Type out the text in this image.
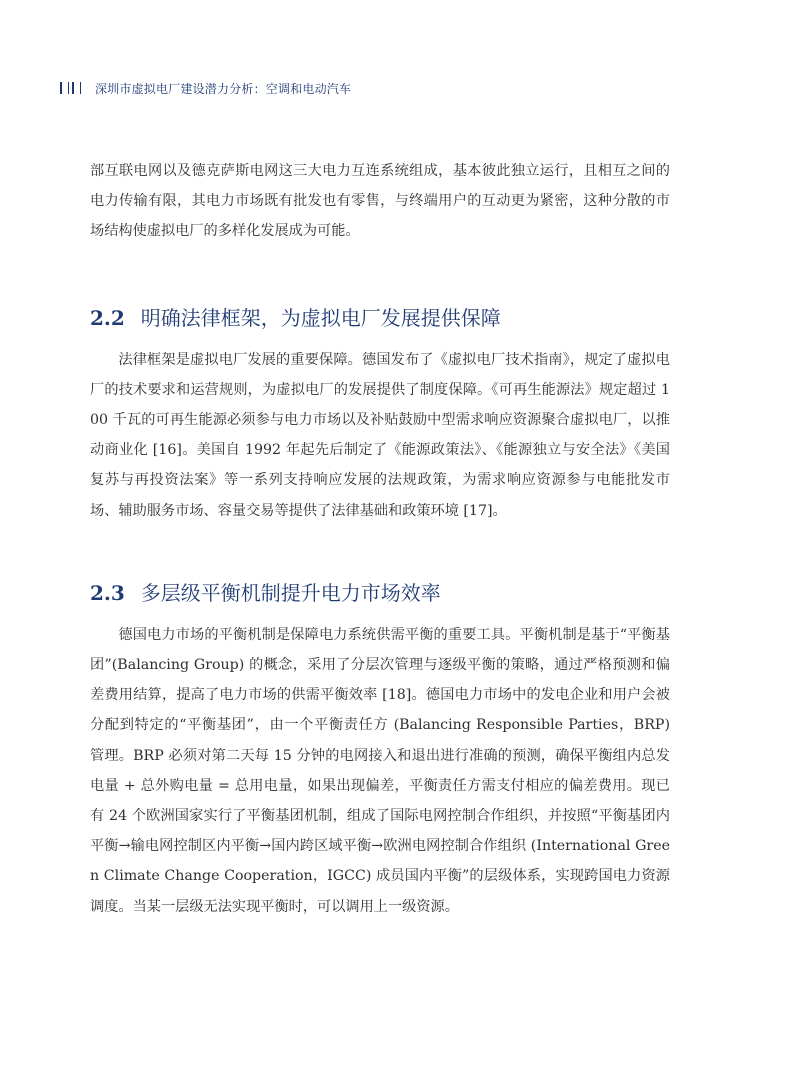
深圳市虚拟电厂建设潜力分析：空调和电动汽车

部互联电网以及德克萨斯电网这三大电力互连系统组成，基本彼此独立运行，且相互之间的电力传输有限，其电力市场既有批发也有零售，与终端用户的互动更为紧密，这种分散的市场结构使虚拟电厂的多样化发展成为可能。

2.2 明确法律框架，为虚拟电厂发展提供保障

法律框架是虚拟电厂发展的重要保障。德国发布了《虚拟电厂技术指南》，规定了虚拟电厂的技术要求和运营规则，为虚拟电厂的发展提供了制度保障。《可再生能源法》规定超过 100 千瓦的可再生能源必须参与电力市场以及补贴鼓励中型需求响应资源聚合虚拟电厂，以推动商业化 [16]。美国自 1992 年起先后制定了《能源政策法》、《能源独立与安全法》《美国复苏与再投资法案》等一系列支持响应发展的法规政策，为需求响应资源参与电能批发市场、辅助服务市场、容量交易等提供了法律基础和政策环境 [17]。

2.3 多层级平衡机制提升电力市场效率

德国电力市场的平衡机制是保障电力系统供需平衡的重要工具。平衡机制是基于“平衡基团”(Balancing Group) 的概念，采用了分层次管理与逐级平衡的策略，通过严格预测和偏差费用结算，提高了电力市场的供需平衡效率 [18]。德国电力市场中的发电企业和用户会被分配到特定的“平衡基团”，由一个平衡责任方 (Balancing Responsible Parties，BRP) 管理。BRP 必须对第二天每 15 分钟的电网接入和退出进行准确的预测，确保平衡组内总发电量 + 总外购电量 = 总用电量，如果出现偏差，平衡责任方需支付相应的偏差费用。现已有 24 个欧洲国家实行了平衡基团机制，组成了国际电网控制合作组织，并按照“平衡基团内平衡→输电网控制区内平衡→国内跨区域平衡→欧洲电网控制合作组织 (International Green Climate Change Cooperation，IGCC) 成员国内平衡”的层级体系，实现跨国电力资源调度。当某一层级无法实现平衡时，可以调用上一级资源。
